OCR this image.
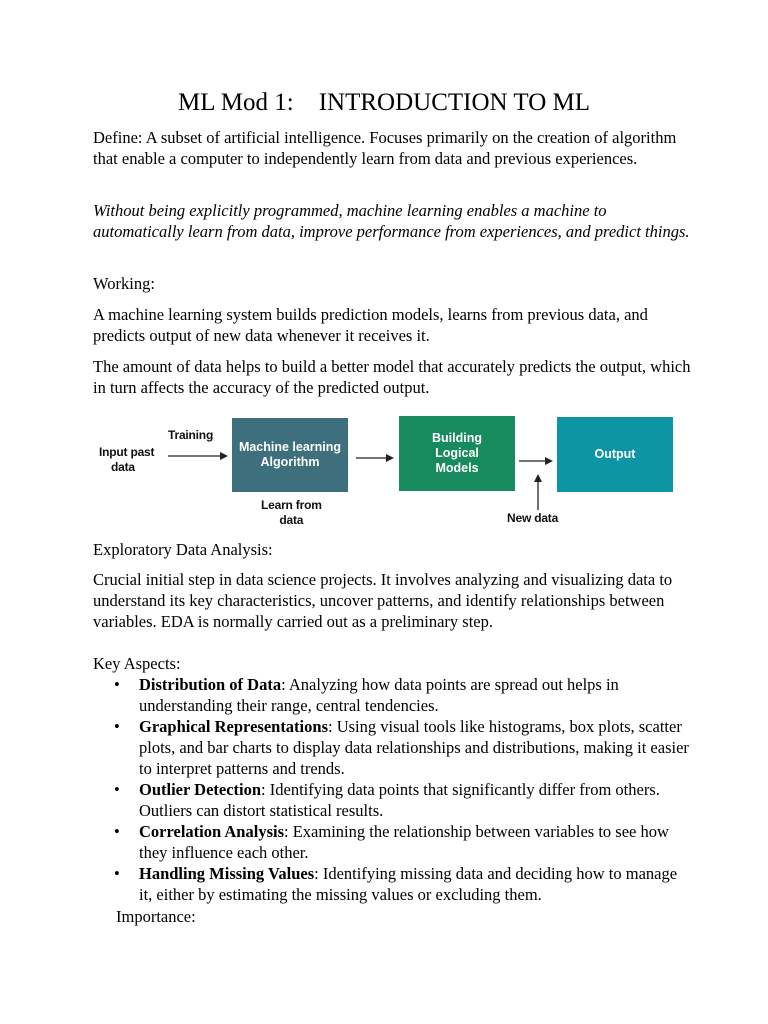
ML Mod 1:    INTRODUCTION TO ML

Define: A subset of artificial intelligence. Focuses primarily on the creation of algorithm that enable a computer to independently learn from data and previous experiences.

Without being explicitly programmed, machine learning enables a machine to automatically learn from data, improve performance from experiences, and predict things.

Working:

A machine learning system builds prediction models, learns from previous data, and predicts output of new data whenever it receives it.

The amount of data helps to build a better model that accurately predicts the output, which in turn affects the accuracy of the predicted output.

Input past
data
Training
Machine learning
Algorithm
Learn from
data
Building
Logical
Models
New data
Output

Exploratory Data Analysis:

Crucial initial step in data science projects. It involves analyzing and visualizing data to understand its key characteristics, uncover patterns, and identify relationships between variables. EDA is normally carried out as a preliminary step.

Key Aspects:

• Distribution of Data: Analyzing how data points are spread out helps in understanding their range, central tendencies.
• Graphical Representations: Using visual tools like histograms, box plots, scatter plots, and bar charts to display data relationships and distributions, making it easier to interpret patterns and trends.
• Outlier Detection: Identifying data points that significantly differ from others. Outliers can distort statistical results.
• Correlation Analysis: Examining the relationship between variables to see how they influence each other.
• Handling Missing Values: Identifying missing data and deciding how to manage it, either by estimating the missing values or excluding them.

Importance:
